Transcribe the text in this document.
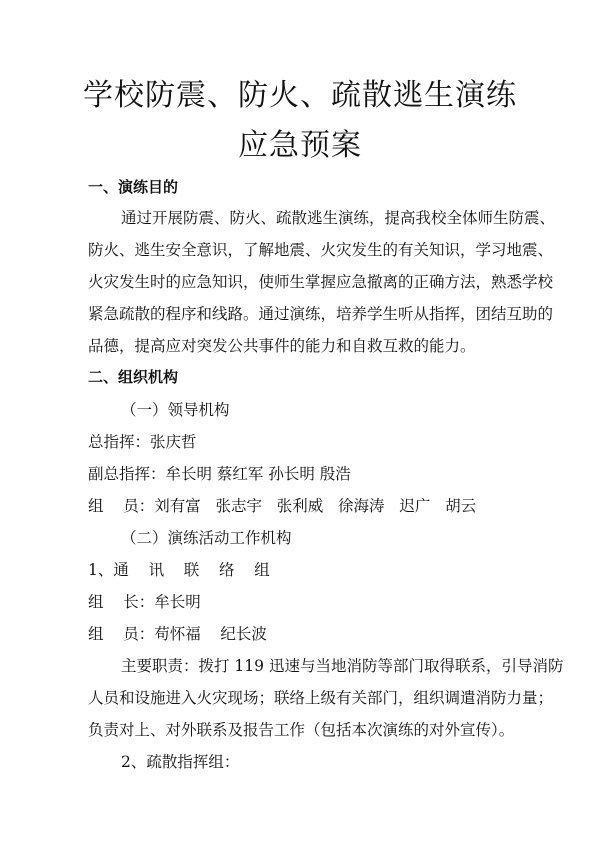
学校防震、防火、疏散逃生演练
应急预案
一、演练目的
通过开展防震、防火、疏散逃生演练，提高我校全体师生防震、
防火、逃生安全意识，了解地震、火灾发生的有关知识，学习地震、
火灾发生时的应急知识，使师生掌握应急撤离的正确方法，熟悉学校
紧急疏散的程序和线路。通过演练，培养学生听从指挥，团结互助的
品德，提高应对突发公共事件的能力和自救互救的能力。
二、组织机构
（一）领导机构
总指挥：张庆哲
副总指挥：牟长明 蔡红军 孙长明 殷浩
组    员：刘有富   张志宇   张利威   徐海涛   迟广   胡云
（二）演练活动工作机构
1、通    讯    联    络    组
组    长：牟长明
组    员：苟怀福    纪长波
主要职责：拨打 119 迅速与当地消防等部门取得联系，引导消防
人员和设施进入火灾现场；联络上级有关部门，组织调遣消防力量；
负责对上、对外联系及报告工作（包括本次演练的对外宣传）。
2、疏散指挥组：
